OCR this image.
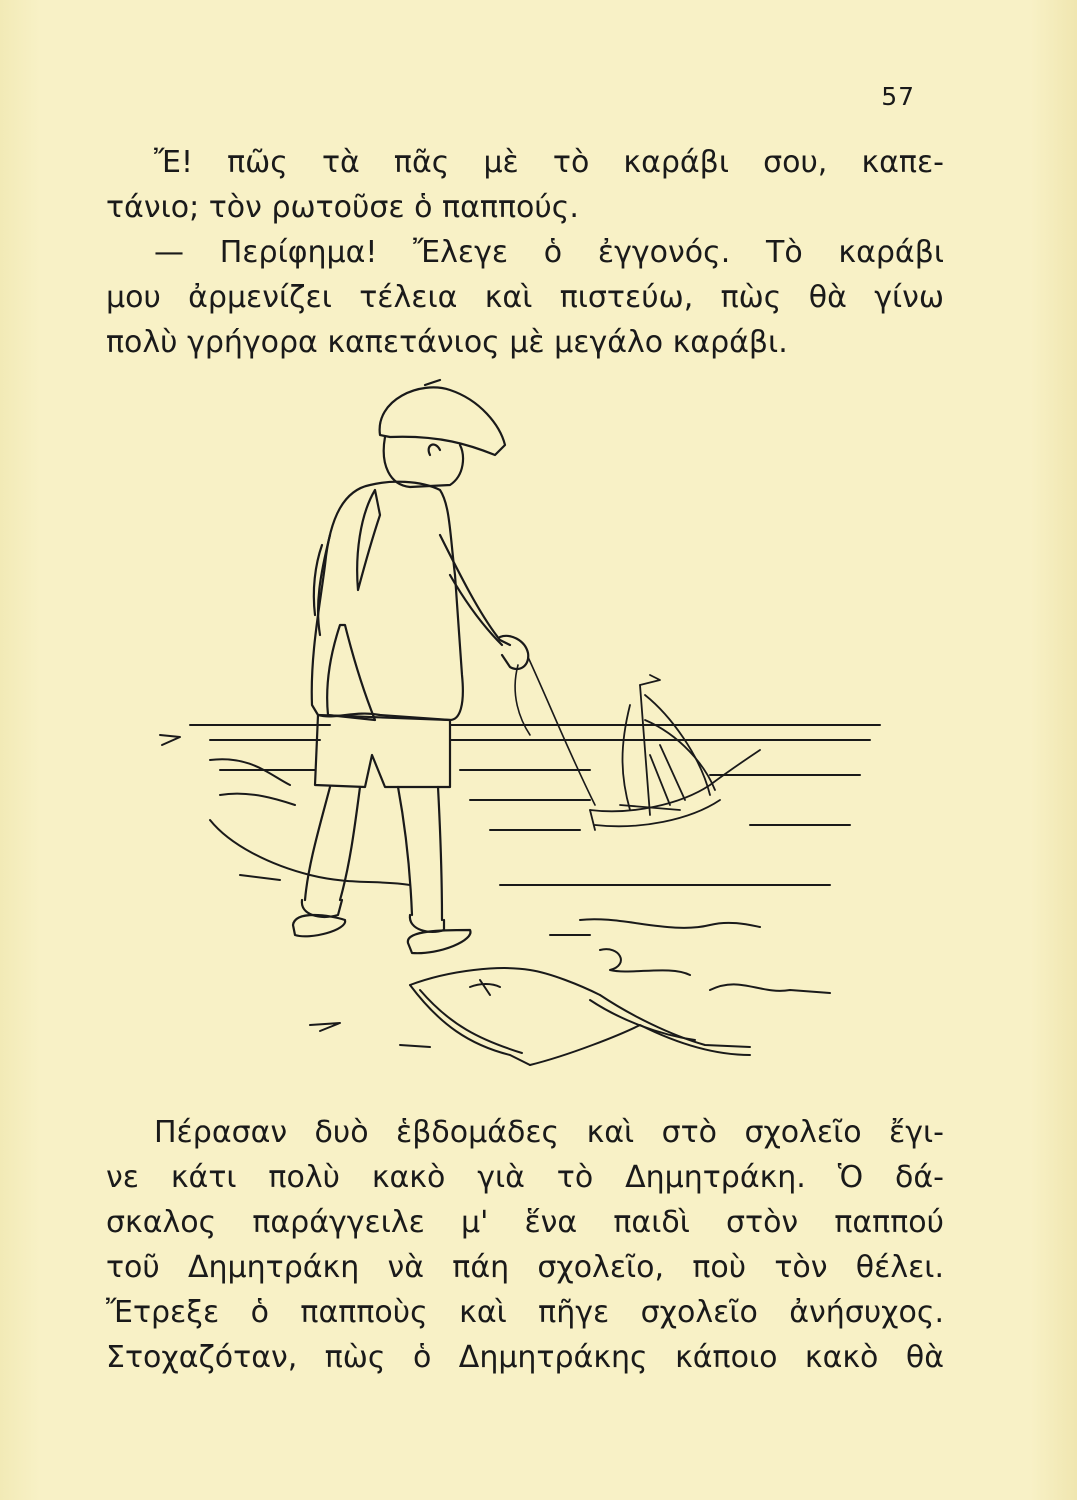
57
Ἔ! πῶς τὰ πᾶς μὲ τὸ καράβι σου, καπε-
τάνιο; τὸν ρωτοῦσε ὁ παππούς.
— Περίφημα! Ἔλεγε ὁ ἐγγονός. Τὸ καράβι
μου ἀρμενίζει τέλεια καὶ πιστεύω, πὼς θὰ γίνω
πολὺ γρήγορα καπετάνιος μὲ μεγάλο καράβι.
Πέρασαν δυὸ ἑβδομάδες καὶ στὸ σχολεῖο ἔγι-
νε κάτι πολὺ κακὸ γιὰ τὸ Δημητράκη. Ὁ δά-
σκαλος παράγγειλε μ' ἕνα παιδὶ στὸν παππού
τοῦ Δημητράκη νὰ πάη σχολεῖο, ποὺ τὸν θέλει.
Ἔτρεξε ὁ παπποὺς καὶ πῆγε σχολεῖο ἀνήσυχος.
Στοχαζόταν, πὼς ὁ Δημητράκης κάποιο κακὸ θὰ
